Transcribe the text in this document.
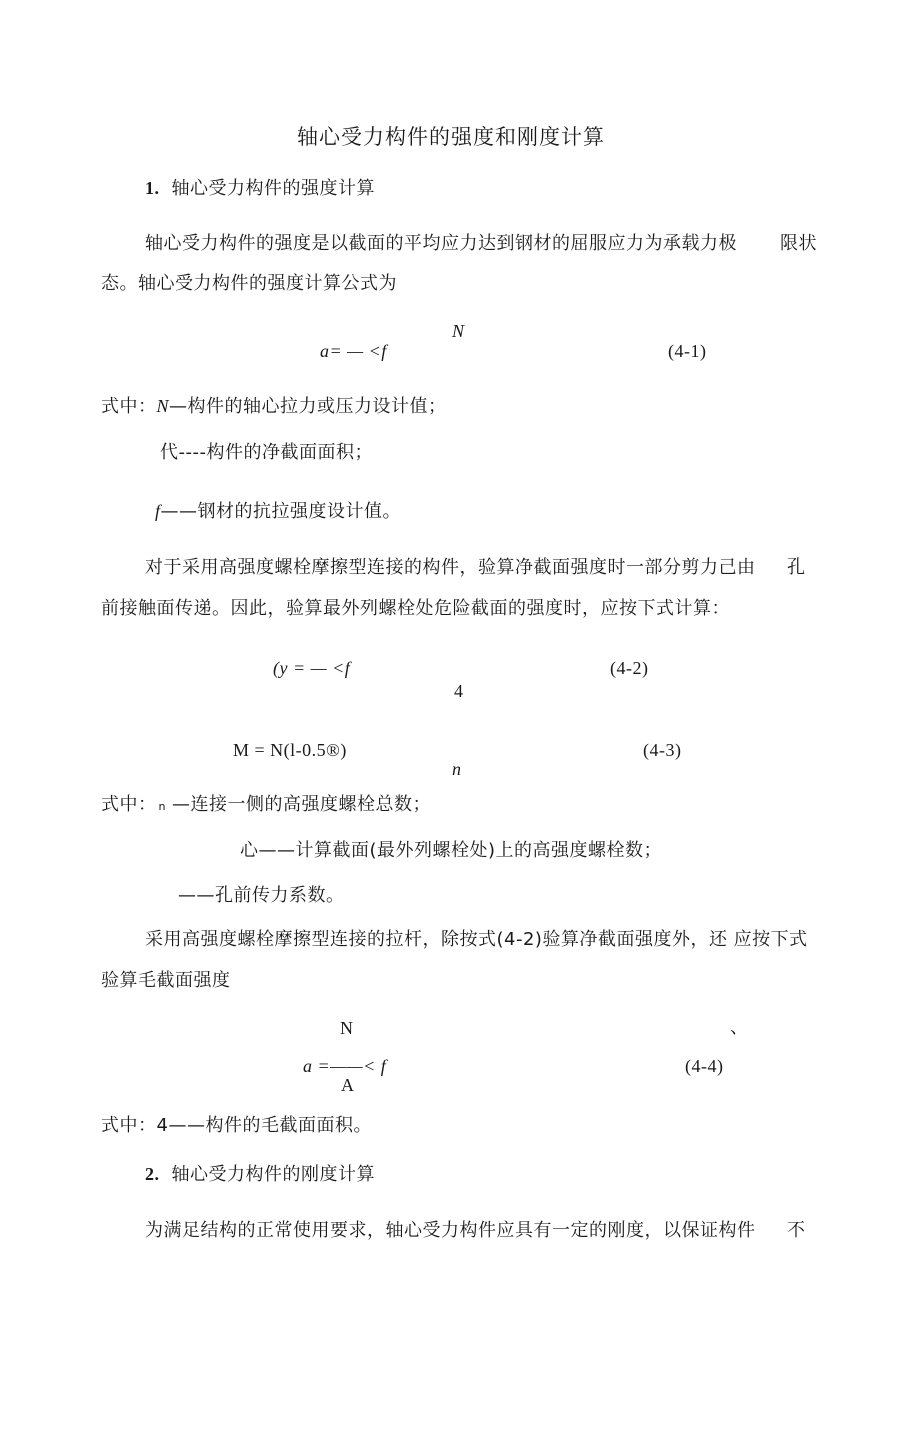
轴心受力构件的强度和刚度计算
1. 轴心受力构件的强度计算
轴心受力构件的强度是以截面的平均应力达到钢材的屈服应力为承载力极 限状
态。轴心受力构件的强度计算公式为
N
a= — <f	(4-1)
式中：N—构件的轴心拉力或压力设计值；
代----构件的净截面面积；
f——钢材的抗拉强度设计值。
对于采用高强度螺栓摩擦型连接的构件，验算净截面强度时一部分剪力己由 孔
前接触面传递。因此，验算最外列螺栓处危险截面的强度时，应按下式计算：
(y = — <f	(4-2)
4
M = N(l-0.5®)	(4-3)
n
式中： n —连接一侧的高强度螺栓总数；
心——计算截面(最外列螺栓处)上的高强度螺栓数；
——孔前传力系数。
采用高强度螺栓摩擦型连接的拉杆，除按式(4-2)验算净截面强度外，还 应按下式
验算毛截面强度
N	、
a =——< f	(4-4)
A
式中：4——构件的毛截面面积。
2. 轴心受力构件的刚度计算
为满足结构的正常使用要求，轴心受力构件应具有一定的刚度，以保证构件 不
